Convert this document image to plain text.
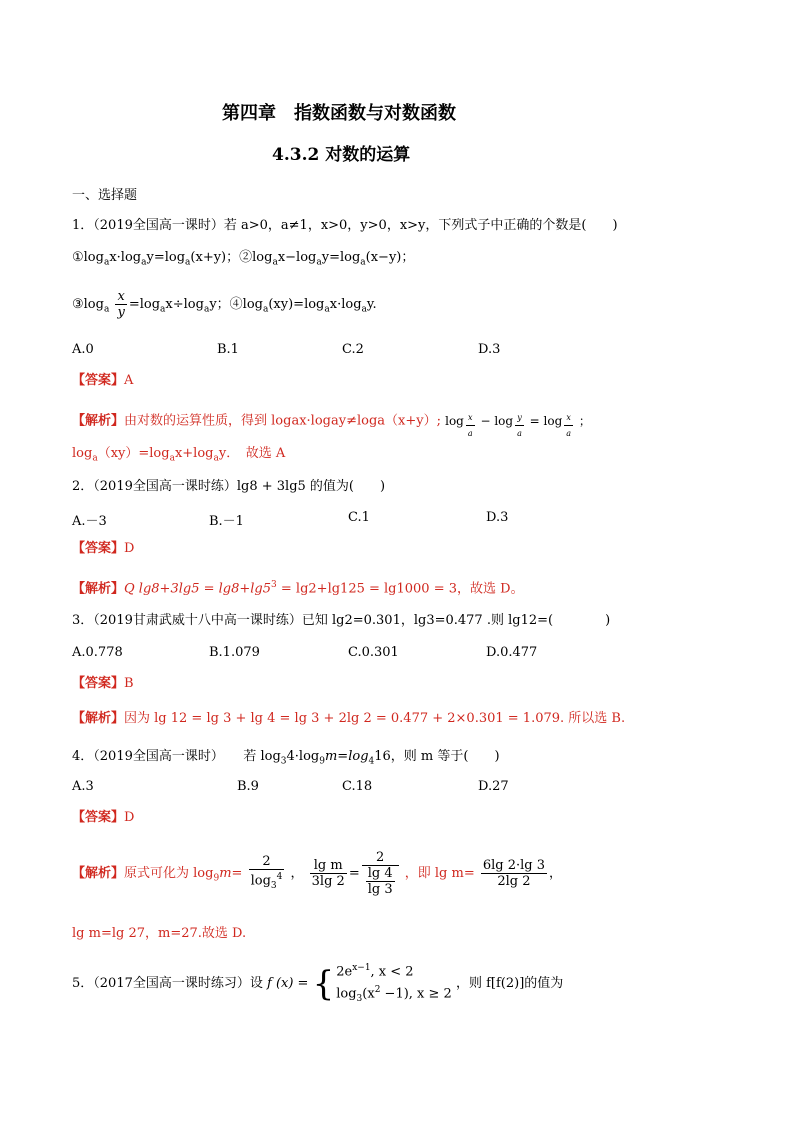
第四章　指数函数与对数函数
4.3.2 对数的运算
一、选择题
1．（2019全国高一课时）若 a>0，a≠1，x>0，y>0，x>y，下列式子中正确的个数是(　　)
$①\log_ax\cdot\log_ay=\log_a(x+y)$；$②\log_ax-\log_ay=\log_a(x-y)$；
$③\log_a \frac{x}{y} =\log_ax\div\log_ay$；$④\log_a(xy)=\log_ax\cdot\log_ay$.
A.0	B.1	C.2	D.3
【答案】A
【解析】由对数的运算性质，得到 logax·logay≠loga（x+y）; log $_{\frac{x}{a}}$ − log $_{\frac{y}{a}}$ = log $_{\frac{x}{a}}$ ；
$\log_a(xy)=\log_ax+\log_ay$．　故选 A
2．（2019全国高一课时练）lg8 + 3lg5 的值为(　　)
A.－3	B.－1	C.1	D.3
【答案】D
【解析】Q $\lg 8+3\lg 5 = \lg 8+\lg 5^3 = \lg 2+\lg 125 = \lg 1000 = 3$，故选 D。
3．（2019甘肃武威十八中高一课时练）已知 lg2=0.301，lg3=0.477 .则 lg12=(　　　　)
A.0.778	B.1.079	C.0.301	D.0.477
【答案】B
【解析】因为 lg 12 = lg 3 + lg 4 = lg 3 + 2lg 2 = 0.477 + 2×0.301 = 1.079. 所以选 B.
4．（2019全国高一课时）　　若 $\log_34\cdot\log_9m=\log_416$，则 m 等于(　　)
A.3	B.9	C.18	D.27
【答案】D
【解析】原式可化为 $\log_9m= \frac{2}{\log_3^4}$ ， $\frac{\text{lg m}}{3\lg 2} = \frac{2}{\frac{\lg 4}{\lg 3}}$ ，即 $\lg m= \frac{6\lg 2\cdot\lg 3}{2\lg 2}$ ，
lg m=lg 27，m=27.故选 D.
5．（2017全国高一课时练习）设 f (x) = { $2e^{x-1}$, x < 2
$\log_3(x^2 -1)$, x ≥ 2
，则 f[f(2)]的值为
